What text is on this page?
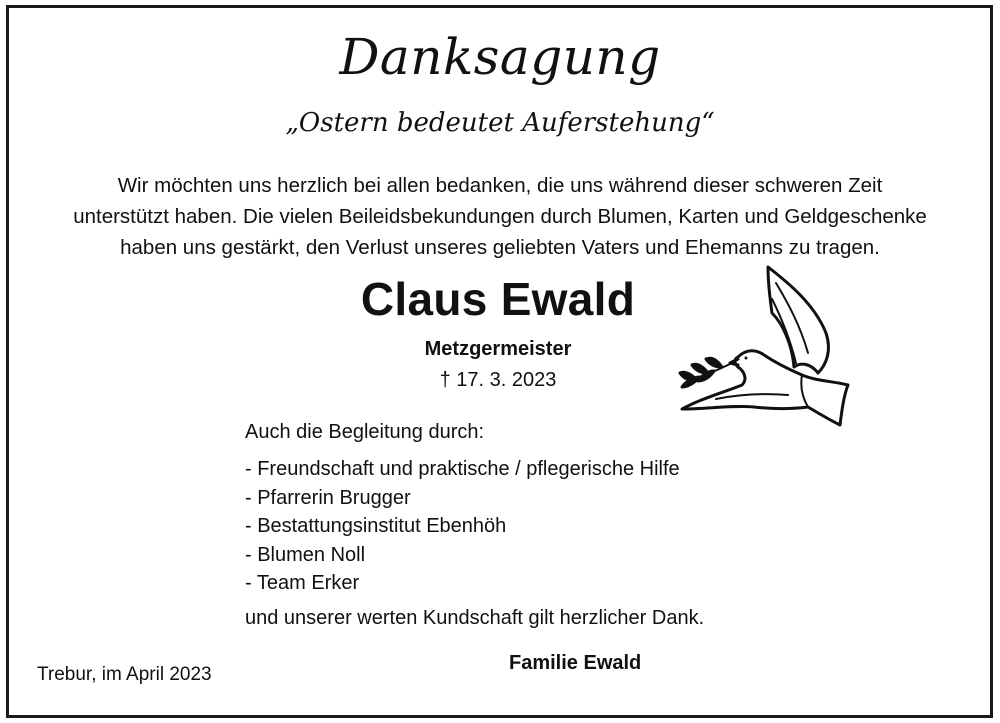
Danksagung
„Ostern bedeutet Auferstehung“
Wir möchten uns herzlich bei allen bedanken, die uns während dieser schweren Zeit
unterstützt haben. Die vielen Beileidsbekundungen durch Blumen, Karten und Geldgeschenke
haben uns gestärkt, den Verlust unseres geliebten Vaters und Ehemanns zu tragen.
Claus Ewald
Metzgermeister
† 17. 3. 2023
Auch die Begleitung durch:
- Freundschaft und praktische / pflegerische Hilfe
- Pfarrerin Brugger
- Bestattungsinstitut Ebenhöh
- Blumen Noll
- Team Erker
und unserer werten Kundschaft gilt herzlicher Dank.
Trebur, im April 2023
Familie Ewald
